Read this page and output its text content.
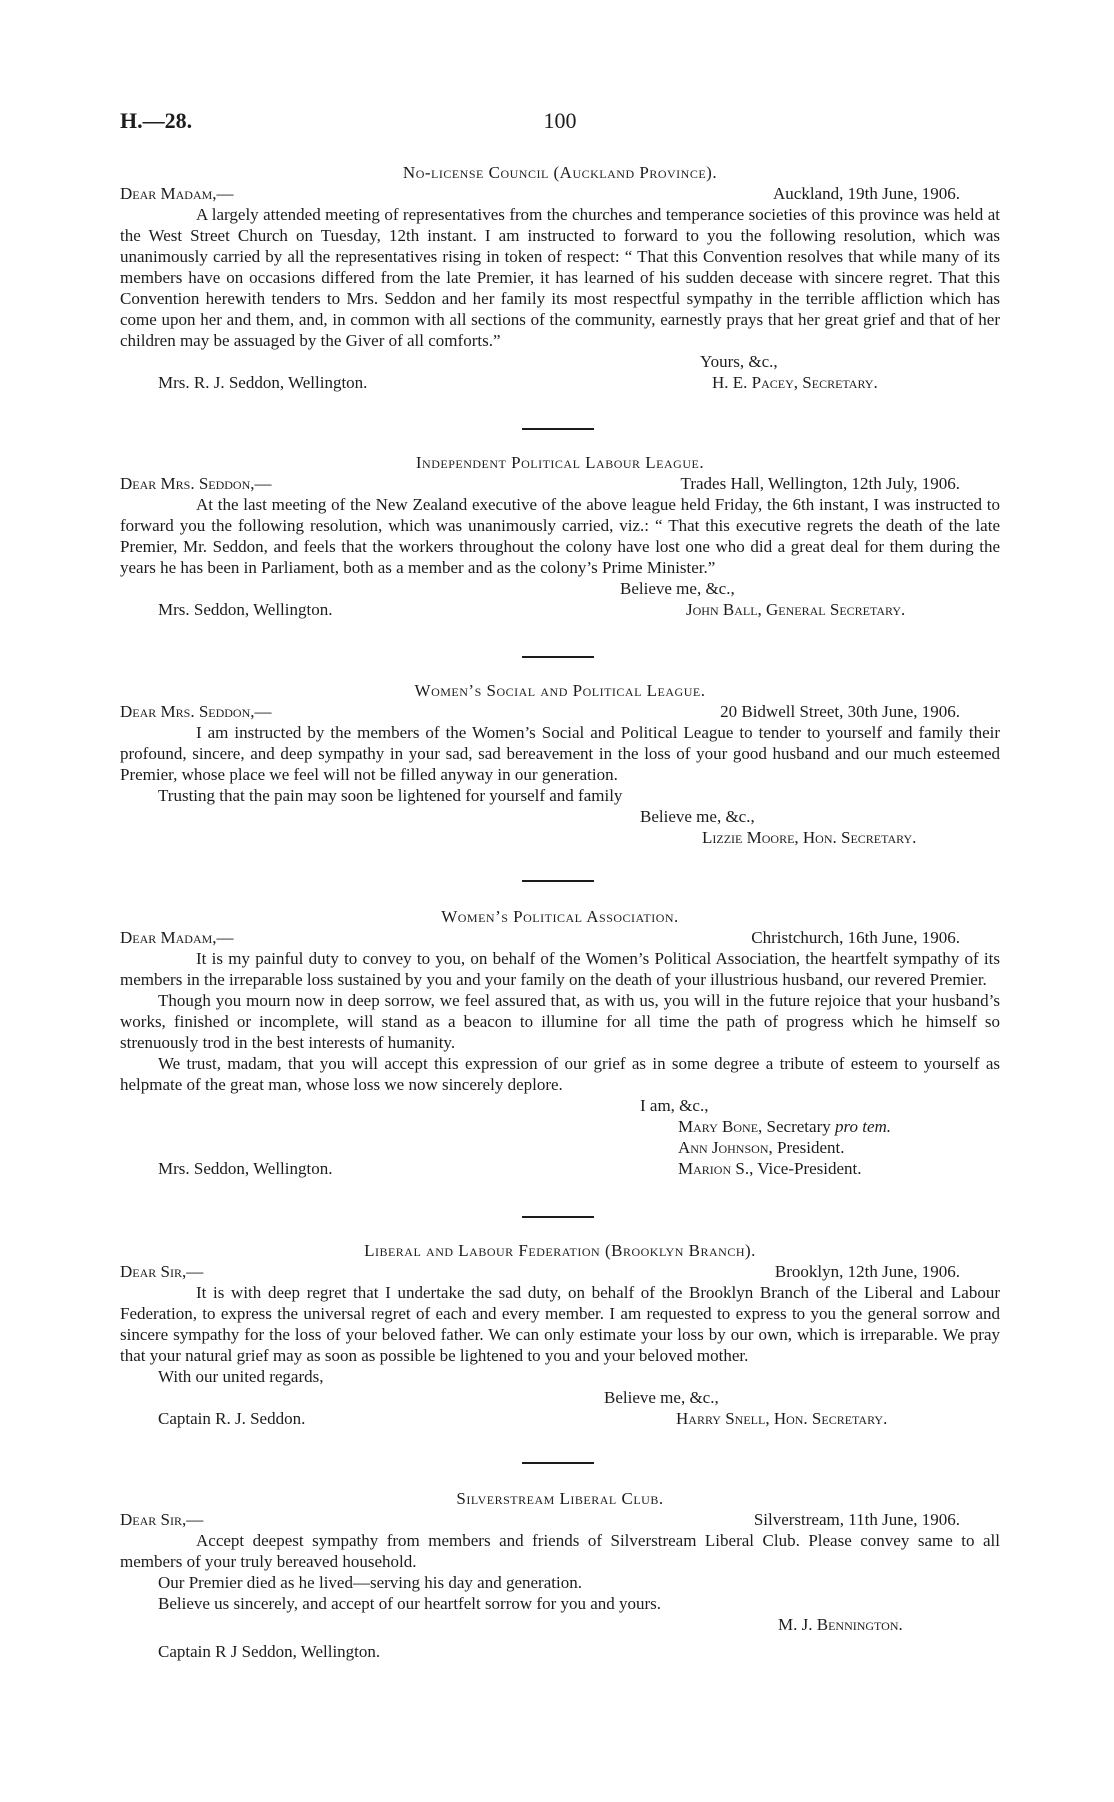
H.—28.	100
No-license Council (Auckland Province).
Dear Madam,—	Auckland, 19th June, 1906.

A largely attended meeting of representatives from the churches and temperance societies of this province was held at the West Street Church on Tuesday, 12th instant. I am instructed to forward to you the following resolution, which was unanimously carried by all the representatives rising in token of respect: “ That this Convention resolves that while many of its members have on occasions differed from the late Premier, it has learned of his sudden decease with sincere regret. That this Convention herewith tenders to Mrs. Seddon and her family its most respectful sympathy in the terrible affliction which has come upon her and them, and, in common with all sections of the community, earnestly prays that her great grief and that of her children may be assuaged by the Giver of all comforts.”

Yours, &c.,
Mrs. R. J. Seddon, Wellington.	H. E. Pacey, Secretary.
Independent Political Labour League.
Dear Mrs. Seddon,—	Trades Hall, Wellington, 12th July, 1906.

At the last meeting of the New Zealand executive of the above league held Friday, the 6th instant, I was instructed to forward you the following resolution, which was unanimously carried, viz.: “ That this executive regrets the death of the late Premier, Mr. Seddon, and feels that the workers throughout the colony have lost one who did a great deal for them during the years he has been in Parliament, both as a member and as the colony’s Prime Minister.”

Believe me, &c.,
Mrs. Seddon, Wellington.	John Ball, General Secretary.
Women’s Social and Political League.
Dear Mrs. Seddon,—	20 Bidwell Street, 30th June, 1906.

I am instructed by the members of the Women’s Social and Political League to tender to yourself and family their profound, sincere, and deep sympathy in your sad, sad bereavement in the loss of your good husband and our much esteemed Premier, whose place we feel will not be filled anyway in our generation.

Trusting that the pain may soon be lightened for yourself and family

Believe me, &c.,
Lizzie Moore, Hon. Secretary.
Women’s Political Association.
Dear Madam,—	Christchurch, 16th June, 1906.

It is my painful duty to convey to you, on behalf of the Women’s Political Association, the heartfelt sympathy of its members in the irreparable loss sustained by you and your family on the death of your illustrious husband, our revered Premier.

Though you mourn now in deep sorrow, we feel assured that, as with us, you will in the future rejoice that your husband’s works, finished or incomplete, will stand as a beacon to illumine for all time the path of progress which he himself so strenuously trod in the best interests of humanity.

We trust, madam, that you will accept this expression of our grief as in some degree a tribute of esteem to yourself as helpmate of the great man, whose loss we now sincerely deplore.

I am, &c.,
Mary Bone, Secretary pro tem.
Ann Johnson, President.
Mrs. Seddon, Wellington.	Marion S., Vice-President.
Liberal and Labour Federation (Brooklyn Branch).
Dear Sir,—	Brooklyn, 12th June, 1906.

It is with deep regret that I undertake the sad duty, on behalf of the Brooklyn Branch of the Liberal and Labour Federation, to express the universal regret of each and every member. I am requested to express to you the general sorrow and sincere sympathy for the loss of your beloved father. We can only estimate your loss by our own, which is irreparable. We pray that your natural grief may as soon as possible be lightened to you and your beloved mother.

With our united regards,

Believe me, &c.,
Captain R. J. Seddon.	Harry Snell, Hon. Secretary.
Silverstream Liberal Club.
Dear Sir,—	Silverstream, 11th June, 1906.

Accept deepest sympathy from members and friends of Silverstream Liberal Club. Please convey same to all members of your truly bereaved household.

Our Premier died as he lived—serving his day and generation.

Believe us sincerely, and accept of our heartfelt sorrow for you and yours.

M. J. Bennington.
Captain R J Seddon, Wellington.
